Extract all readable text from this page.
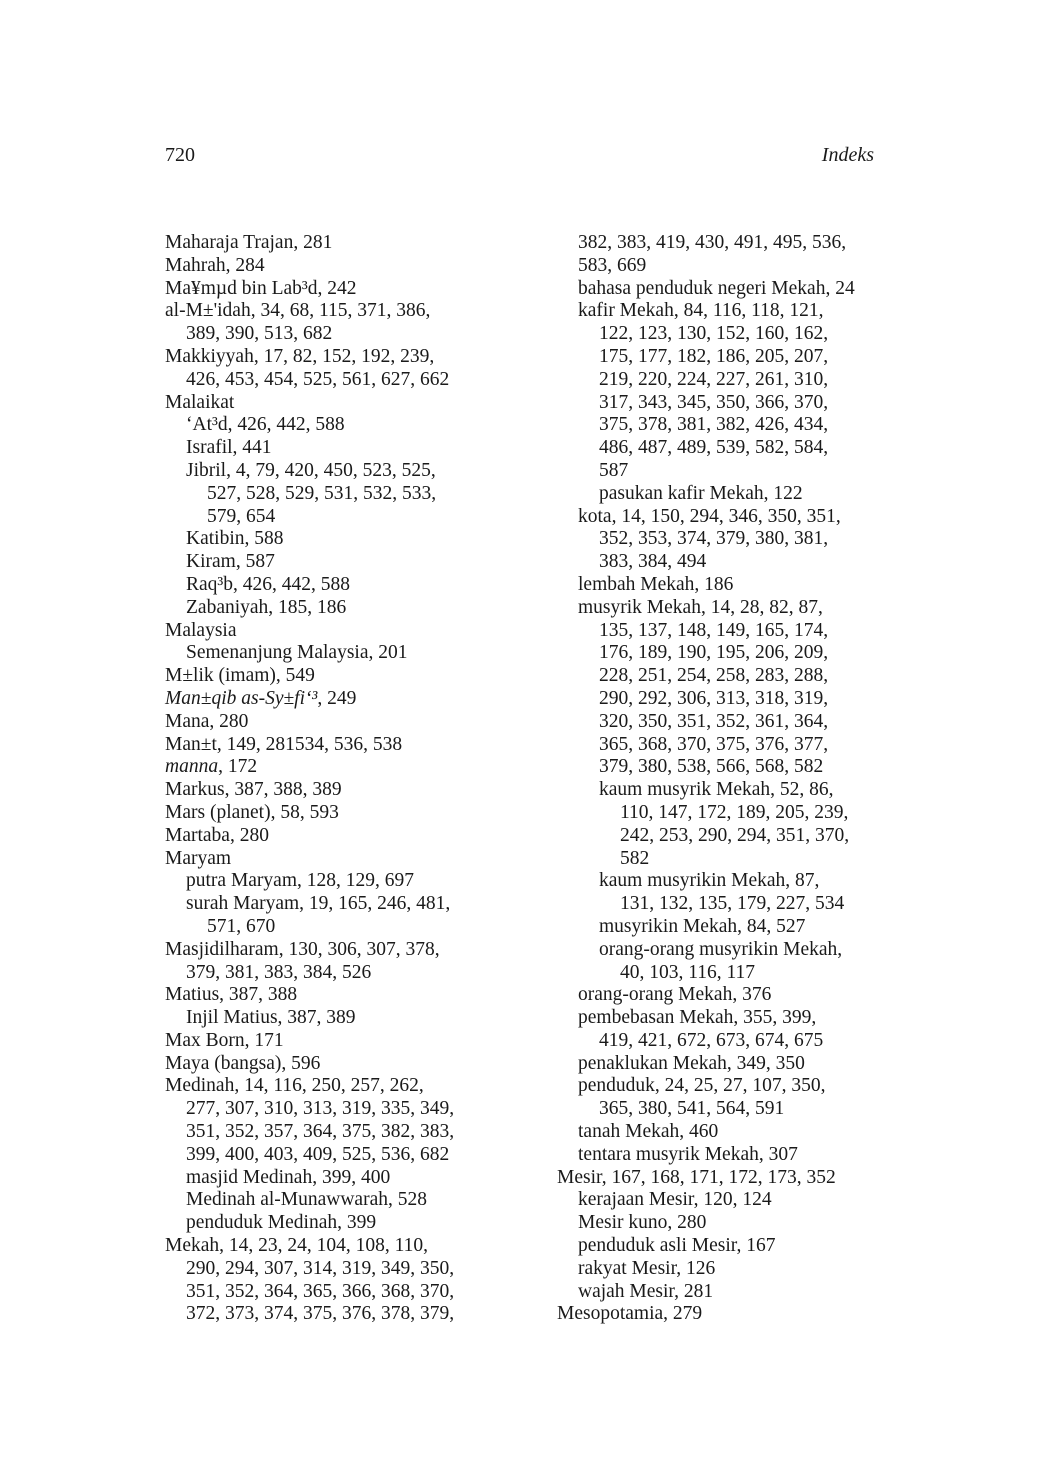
720	Indeks
Maharaja Trajan, 281
Mahrah, 284
Ma¥mµd bin Lab³d, 242
al-M±'idah, 34, 68, 115, 371, 386,
389, 390, 513, 682
Makkiyyah, 17, 82, 152, 192, 239,
426, 453, 454, 525, 561, 627, 662
Malaikat
‘At³d, 426, 442, 588
Israfil, 441
Jibril, 4, 79, 420, 450, 523, 525,
527, 528, 529, 531, 532, 533,
579, 654
Katibin, 588
Kiram, 587
Raq³b, 426, 442, 588
Zabaniyah, 185, 186
Malaysia
Semenanjung Malaysia, 201
M±lik (imam), 549
Man±qib as-Sy±fi‘³, 249
Mana, 280
Man±t, 149, 281534, 536, 538
manna, 172
Markus, 387, 388, 389
Mars (planet), 58, 593
Martaba, 280
Maryam
putra Maryam, 128, 129, 697
surah Maryam, 19, 165, 246, 481,
571, 670
Masjidilharam, 130, 306, 307, 378,
379, 381, 383, 384, 526
Matius, 387, 388
Injil Matius, 387, 389
Max Born, 171
Maya (bangsa), 596
Medinah, 14, 116, 250, 257, 262,
277, 307, 310, 313, 319, 335, 349,
351, 352, 357, 364, 375, 382, 383,
399, 400, 403, 409, 525, 536, 682
masjid Medinah, 399, 400
Medinah al-Munawwarah, 528
penduduk Medinah, 399
Mekah, 14, 23, 24, 104, 108, 110,
290, 294, 307, 314, 319, 349, 350,
351, 352, 364, 365, 366, 368, 370,
372, 373, 374, 375, 376, 378, 379,
382, 383, 419, 430, 491, 495, 536,
583, 669
bahasa penduduk negeri Mekah, 24
kafir Mekah, 84, 116, 118, 121,
122, 123, 130, 152, 160, 162,
175, 177, 182, 186, 205, 207,
219, 220, 224, 227, 261, 310,
317, 343, 345, 350, 366, 370,
375, 378, 381, 382, 426, 434,
486, 487, 489, 539, 582, 584,
587
pasukan kafir Mekah, 122
kota, 14, 150, 294, 346, 350, 351,
352, 353, 374, 379, 380, 381,
383, 384, 494
lembah Mekah, 186
musyrik Mekah, 14, 28, 82, 87,
135, 137, 148, 149, 165, 174,
176, 189, 190, 195, 206, 209,
228, 251, 254, 258, 283, 288,
290, 292, 306, 313, 318, 319,
320, 350, 351, 352, 361, 364,
365, 368, 370, 375, 376, 377,
379, 380, 538, 566, 568, 582
kaum musyrik Mekah, 52, 86,
110, 147, 172, 189, 205, 239,
242, 253, 290, 294, 351, 370,
582
kaum musyrikin Mekah, 87,
131, 132, 135, 179, 227, 534
musyrikin Mekah, 84, 527
orang-orang musyrikin Mekah,
40, 103, 116, 117
orang-orang Mekah, 376
pembebasan Mekah, 355, 399,
419, 421, 672, 673, 674, 675
penaklukan Mekah, 349, 350
penduduk, 24, 25, 27, 107, 350,
365, 380, 541, 564, 591
tanah Mekah, 460
tentara musyrik Mekah, 307
Mesir, 167, 168, 171, 172, 173, 352
kerajaan Mesir, 120, 124
Mesir kuno, 280
penduduk asli Mesir, 167
rakyat Mesir, 126
wajah Mesir, 281
Mesopotamia, 279
